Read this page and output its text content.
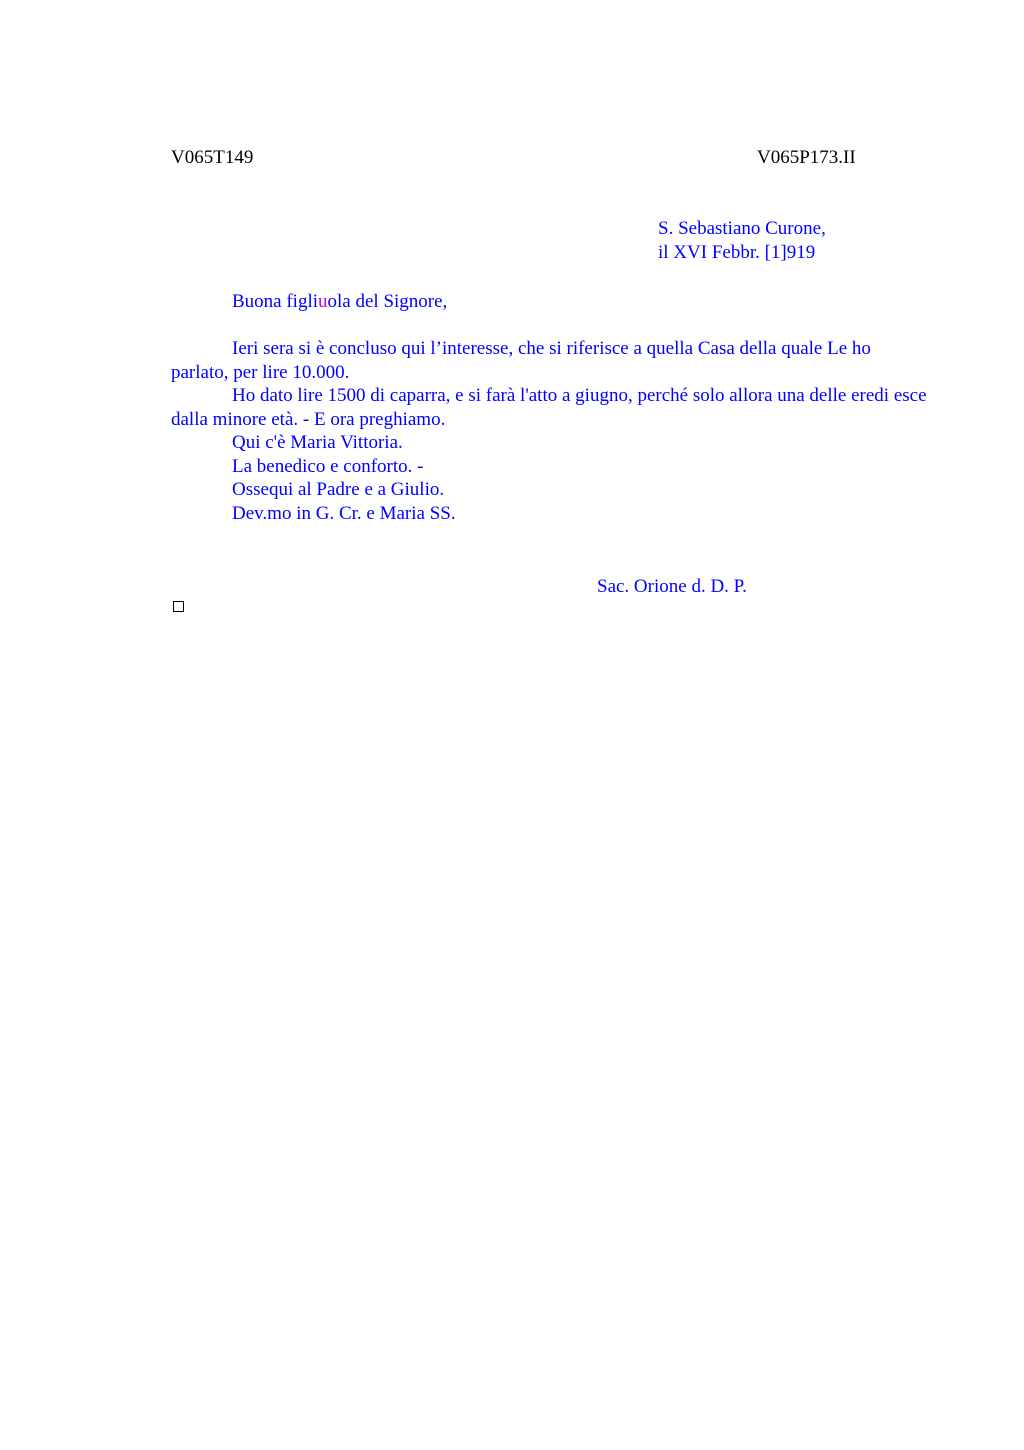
V065T149	V065P173.II
S. Sebastiano Curone,
il XVI Febbr. [1]919
Buona figliuola del Signore,

Ieri sera si è concluso qui l’interesse, che si riferisce a quella Casa della quale Le ho parlato, per lire 10.000.

Ho dato lire 1500 di caparra, e si farà l'atto a giugno, perché solo allora una delle eredi esce dalla minore età. - E ora preghiamo.

Qui c'è Maria Vittoria.

La benedico e conforto. -

Ossequi al Padre e a Giulio.

Dev.mo in G. Cr. e Maria SS.

Sac. Orione d. D. P.
